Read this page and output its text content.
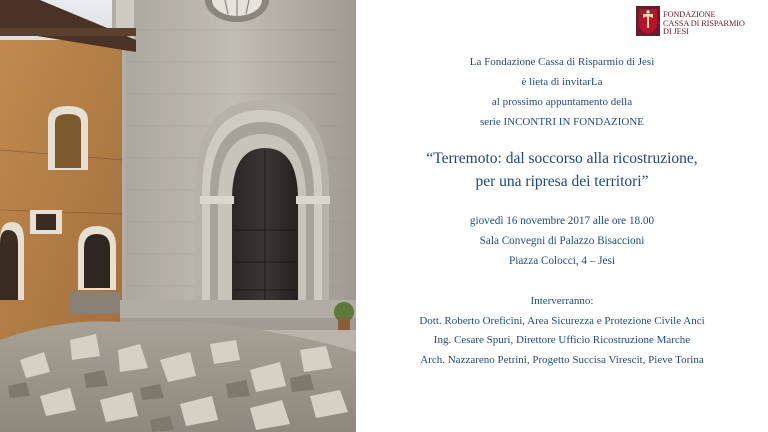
FONDAZIONE
CASSA DI RISPARMIO
DI JESI
La Fondazione Cassa di Risparmio di Jesi
è lieta di invitarLa
al prossimo appuntamento della
serie INCONTRI IN FONDAZIONE
“Terremoto: dal soccorso alla ricostruzione,
per una ripresa dei territori”
giovedì 16 novembre 2017 alle ore 18.00
Sala Convegni di Palazzo Bisaccioni
Piazza Colocci, 4 – Jesi
Interverranno:
Dott. Roberto Oreficini, Area Sicurezza e Protezione Civile Anci
Ing. Cesare Spuri, Direttore Ufficio Ricostruzione Marche
Arch. Nazzareno Petrini, Progetto Succisa Virescit, Pieve Torina
